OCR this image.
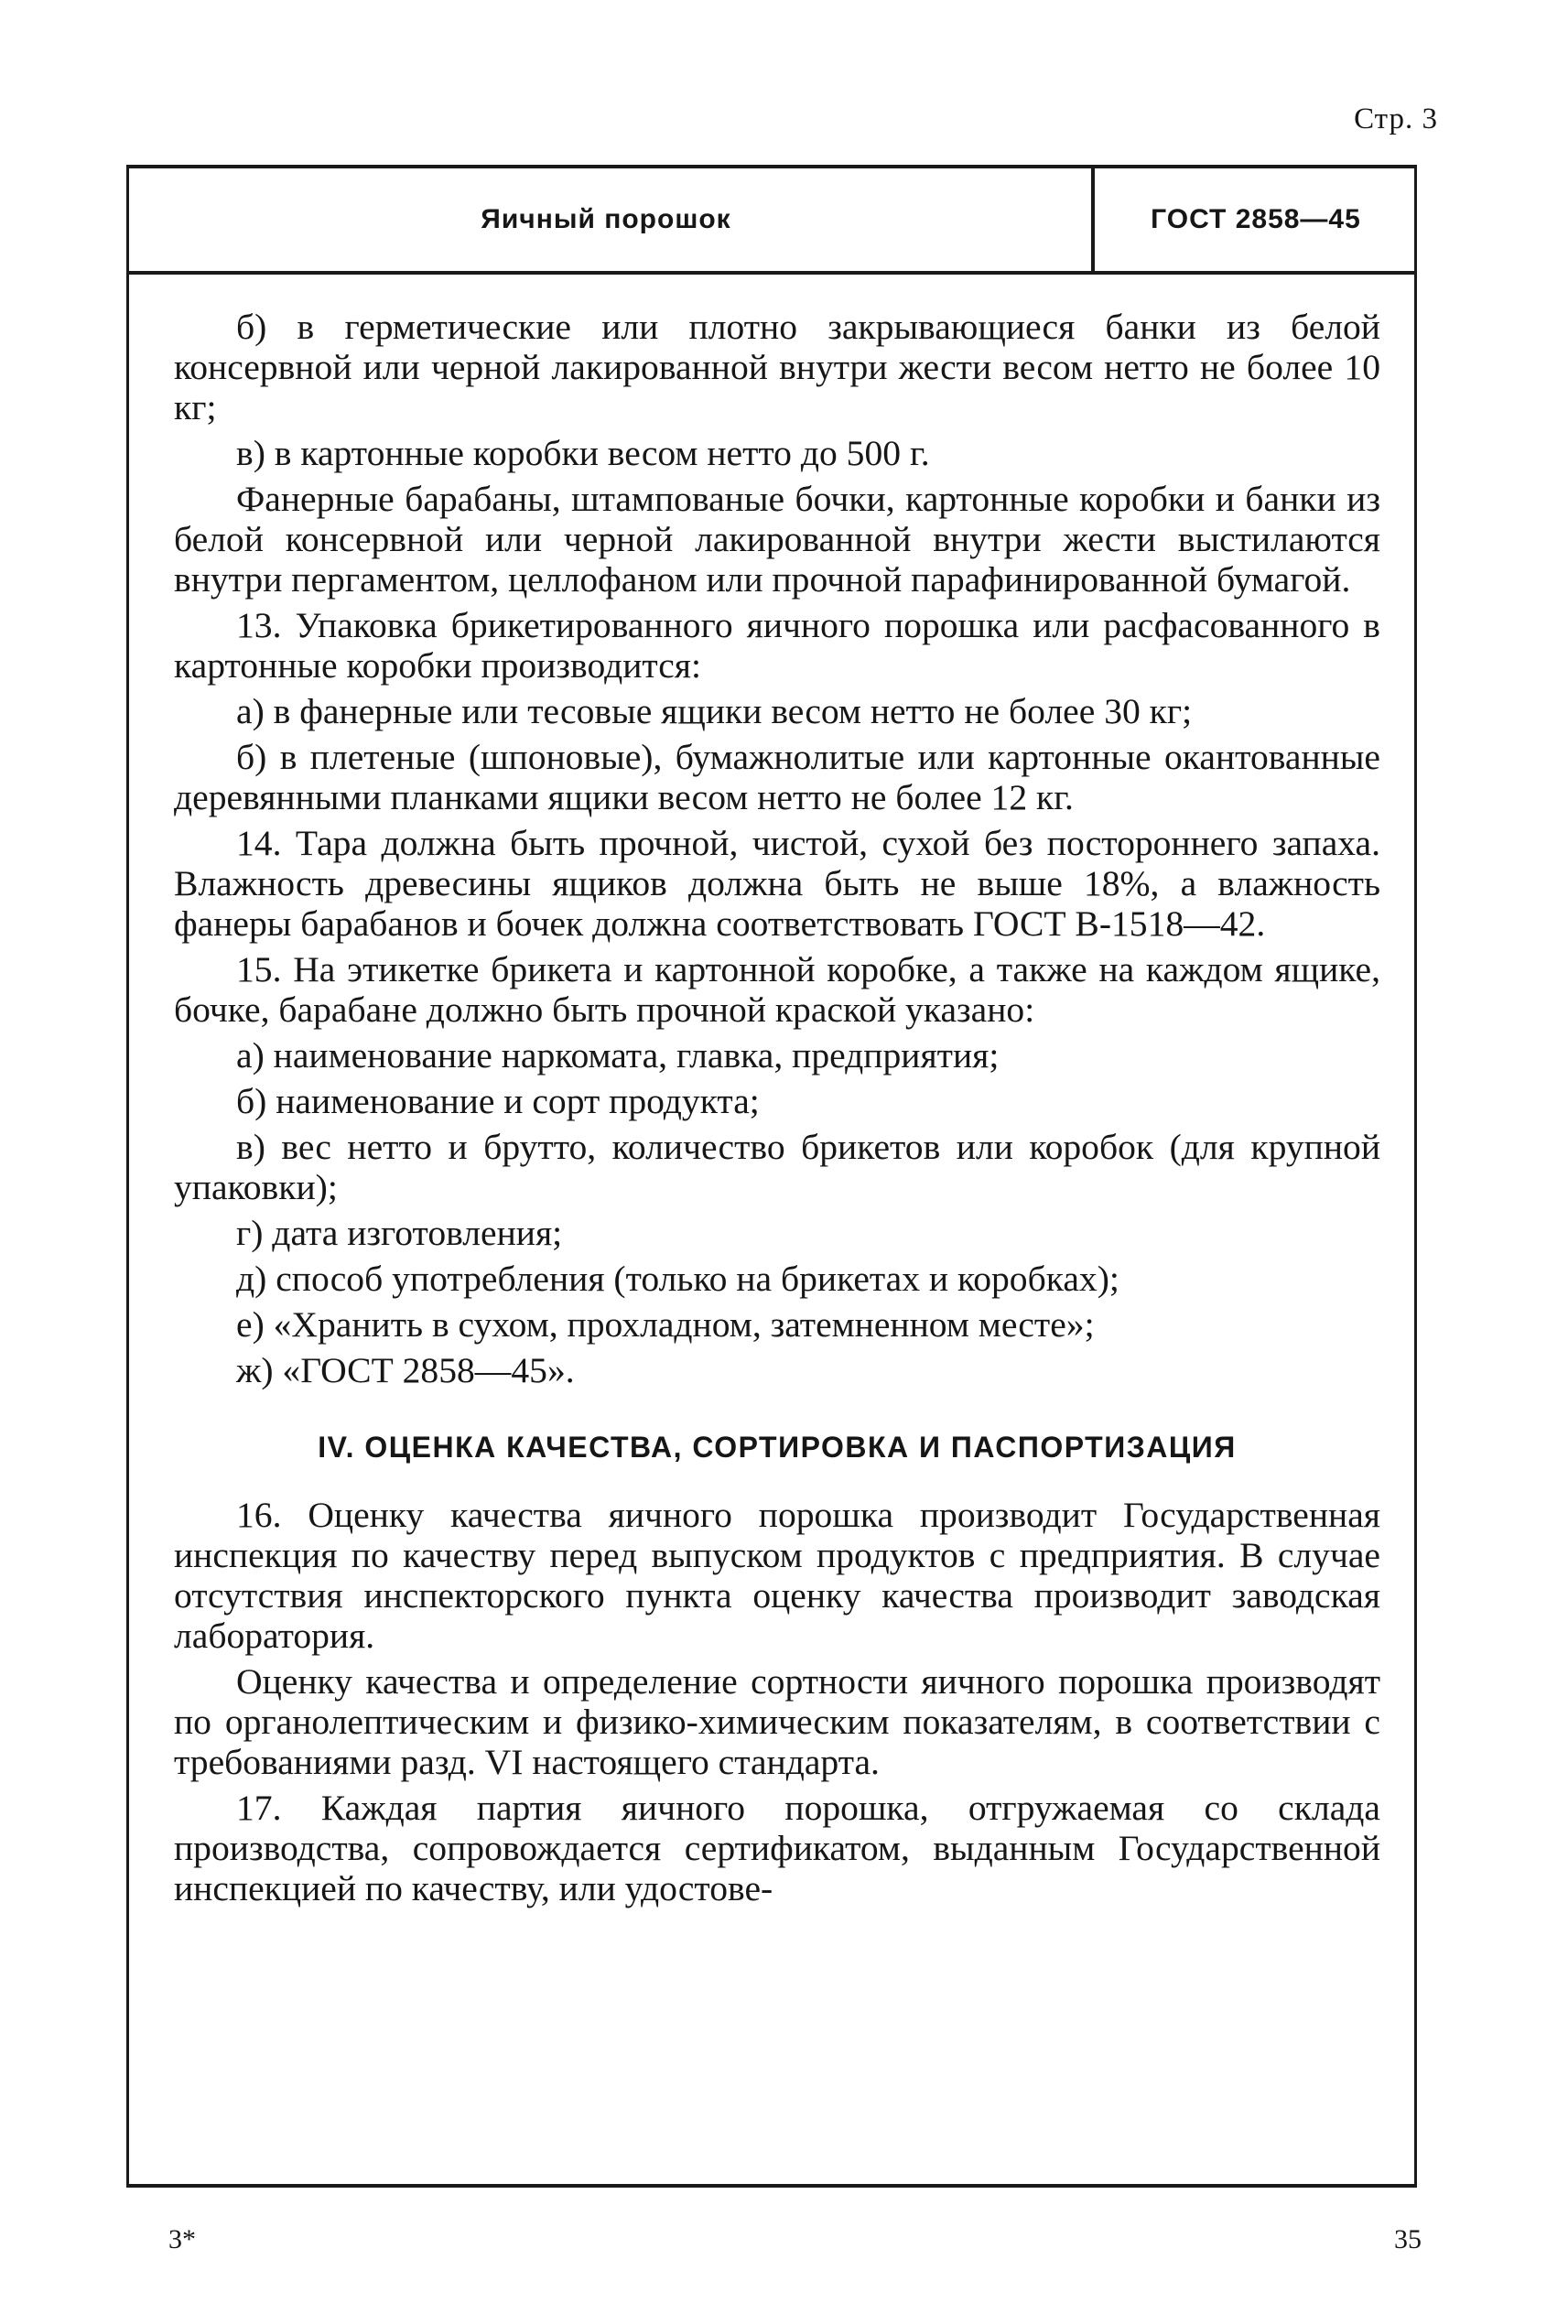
Стр. 3
Яичный порошок	ГОСТ 2858—45

б) в герметические или плотно закрывающиеся банки из белой консервной или черной лакированной внутри жести весом нетто не более 10 кг;

в) в картонные коробки весом нетто до 500 г.

Фанерные барабаны, штампованые бочки, картонные коробки и банки из белой консервной или черной лакированной внутри жести выстилаются внутри пергаментом, целлофаном или прочной парафинированной бумагой.

13. Упаковка брикетированного яичного порошка или расфасованного в картонные коробки производится:

а) в фанерные или тесовые ящики весом нетто не более 30 кг;

б) в плетеные (шпоновые), бумажнолитые или картонные окантованные деревянными планками ящики весом нетто не более 12 кг.

14. Тара должна быть прочной, чистой, сухой без постороннего запаха. Влажность древесины ящиков должна быть не выше 18%, а влажность фанеры барабанов и бочек должна соответствовать ГОСТ В-1518—42.

15. На этикетке брикета и картонной коробке, а также на каждом ящике, бочке, барабане должно быть прочной краской указано:

а) наименование наркомата, главка, предприятия;

б) наименование и сорт продукта;

в) вес нетто и брутто, количество брикетов или коробок (для крупной упаковки);

г) дата изготовления;

д) способ употребления (только на брикетах и коробках);

е) «Хранить в сухом, прохладном, затемненном месте»;

ж) «ГОСТ 2858—45».

IV. ОЦЕНКА КАЧЕСТВА, СОРТИРОВКА И ПАСПОРТИЗАЦИЯ

16. Оценку качества яичного порошка производит Государственная инспекция по качеству перед выпуском продуктов с предприятия. В случае отсутствия инспекторского пункта оценку качества производит заводская лаборатория.

Оценку качества и определение сортности яичного порошка производят по органолептическим и физико-химическим показателям, в соответствии с требованиями разд. VI настоящего стандарта.

17. Каждая партия яичного порошка, отгружаемая со склада производства, сопровождается сертификатом, выданным Государственной инспекцией по качеству, или удостове-

3*	35
